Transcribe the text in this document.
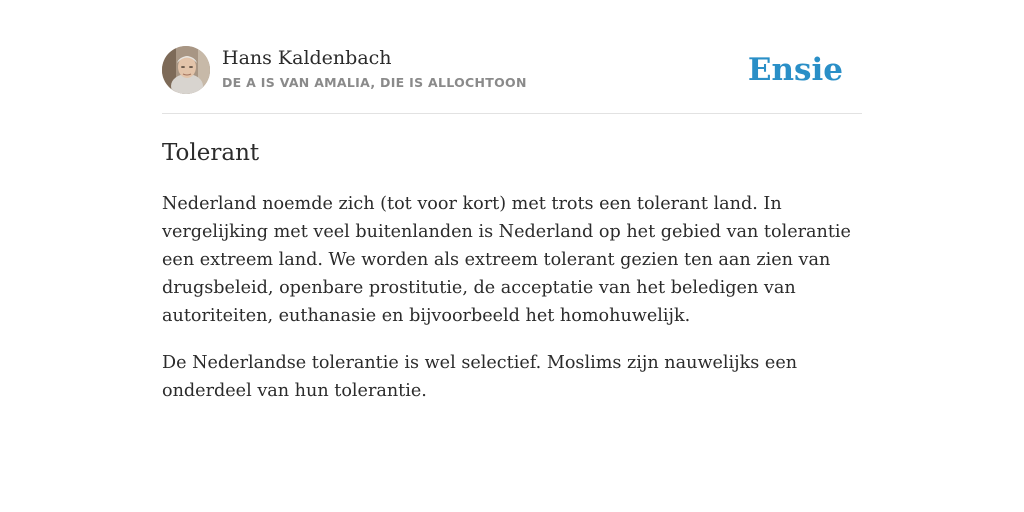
Hans Kaldenbach
DE A IS VAN AMALIA, DIE IS ALLOCHTOON	Ensie
Tolerant

Nederland noemde zich (tot voor kort) met trots een tolerant land. In vergelijking met veel buitenlanden is Nederland op het gebied van tolerantie een extreem land. We worden als extreem tolerant gezien ten aan zien van drugsbeleid, openbare prostitutie, de acceptatie van het beledigen van autoriteiten, euthanasie en bijvoorbeeld het homohuwelijk.

De Nederlandse tolerantie is wel selectief. Moslims zijn nauwelijks een onderdeel van hun tolerantie.
